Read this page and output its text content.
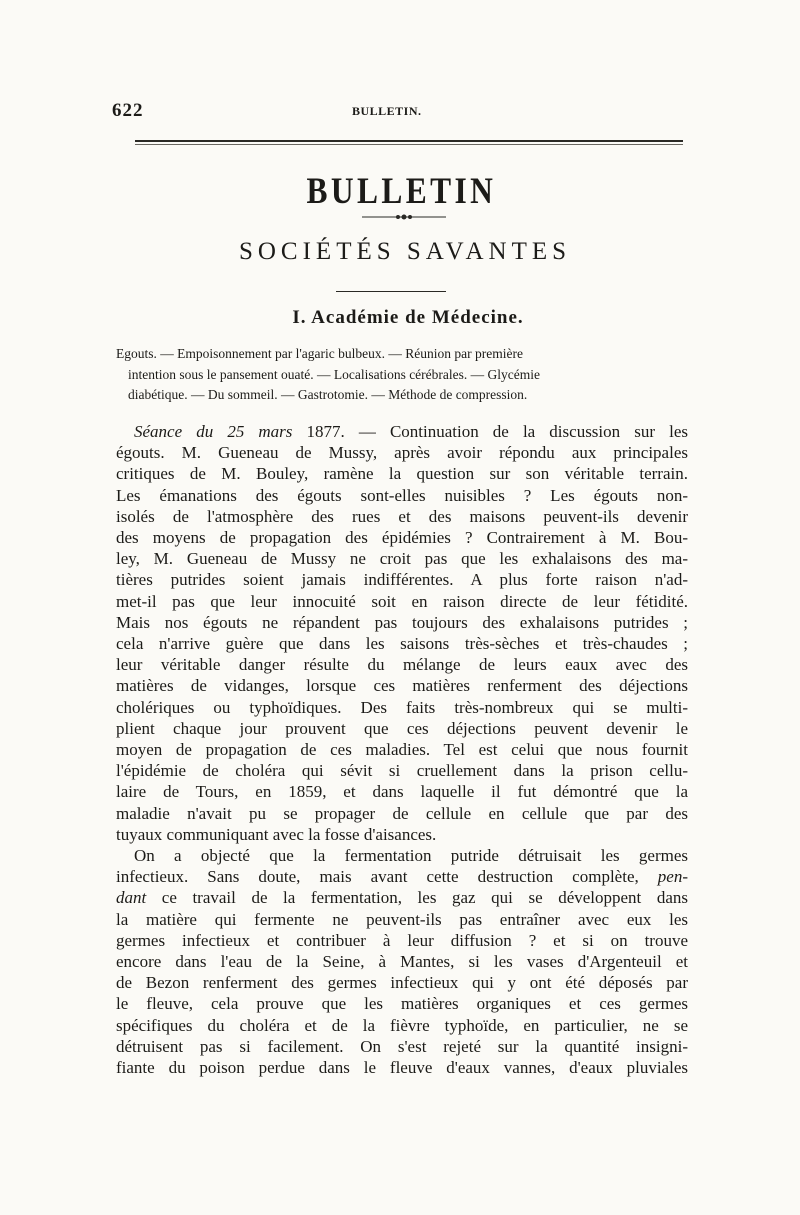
622	BULLETIN.
BULLETIN
SOCIÉTÉS SAVANTES
I. Académie de Médecine.
Egouts. — Empoisonnement par l'agaric bulbeux. — Réunion par première
intention sous le pansement ouaté. — Localisations cérébrales. — Glycémie
diabétique. — Du sommeil. — Gastrotomie. — Méthode de compression.
Séance du 25 mars 1877. — Continuation de la discussion sur les
égouts. M. Gueneau de Mussy, après avoir répondu aux principales
critiques de M. Bouley, ramène la question sur son véritable terrain.
Les émanations des égouts sont-elles nuisibles ? Les égouts non-
isolés de l'atmosphère des rues et des maisons peuvent-ils devenir
des moyens de propagation des épidémies ? Contrairement à M. Bou-
ley, M. Gueneau de Mussy ne croit pas que les exhalaisons des ma-
tières putrides soient jamais indifférentes. A plus forte raison n'ad-
met-il pas que leur innocuité soit en raison directe de leur fétidité.
Mais nos égouts ne répandent pas toujours des exhalaisons putrides ;
cela n'arrive guère que dans les saisons très-sèches et très-chaudes ;
leur véritable danger résulte du mélange de leurs eaux avec des
matières de vidanges, lorsque ces matières renferment des déjections
cholériques ou typhoïdiques. Des faits très-nombreux qui se multi-
plient chaque jour prouvent que ces déjections peuvent devenir le
moyen de propagation de ces maladies. Tel est celui que nous fournit
l'épidémie de choléra qui sévit si cruellement dans la prison cellu-
laire de Tours, en 1859, et dans laquelle il fut démontré que la
maladie n'avait pu se propager de cellule en cellule que par des
tuyaux communiquant avec la fosse d'aisances.
On a objecté que la fermentation putride détruisait les germes
infectieux. Sans doute, mais avant cette destruction complète, pen-
dant ce travail de la fermentation, les gaz qui se développent dans
la matière qui fermente ne peuvent-ils pas entraîner avec eux les
germes infectieux et contribuer à leur diffusion ? et si on trouve
encore dans l'eau de la Seine, à Mantes, si les vases d'Argenteuil et
de Bezon renferment des germes infectieux qui y ont été déposés par
le fleuve, cela prouve que les matières organiques et ces germes
spécifiques du choléra et de la fièvre typhoïde, en particulier, ne se
détruisent pas si facilement. On s'est rejeté sur la quantité insigni-
fiante du poison perdue dans le fleuve d'eaux vannes, d'eaux pluviales
